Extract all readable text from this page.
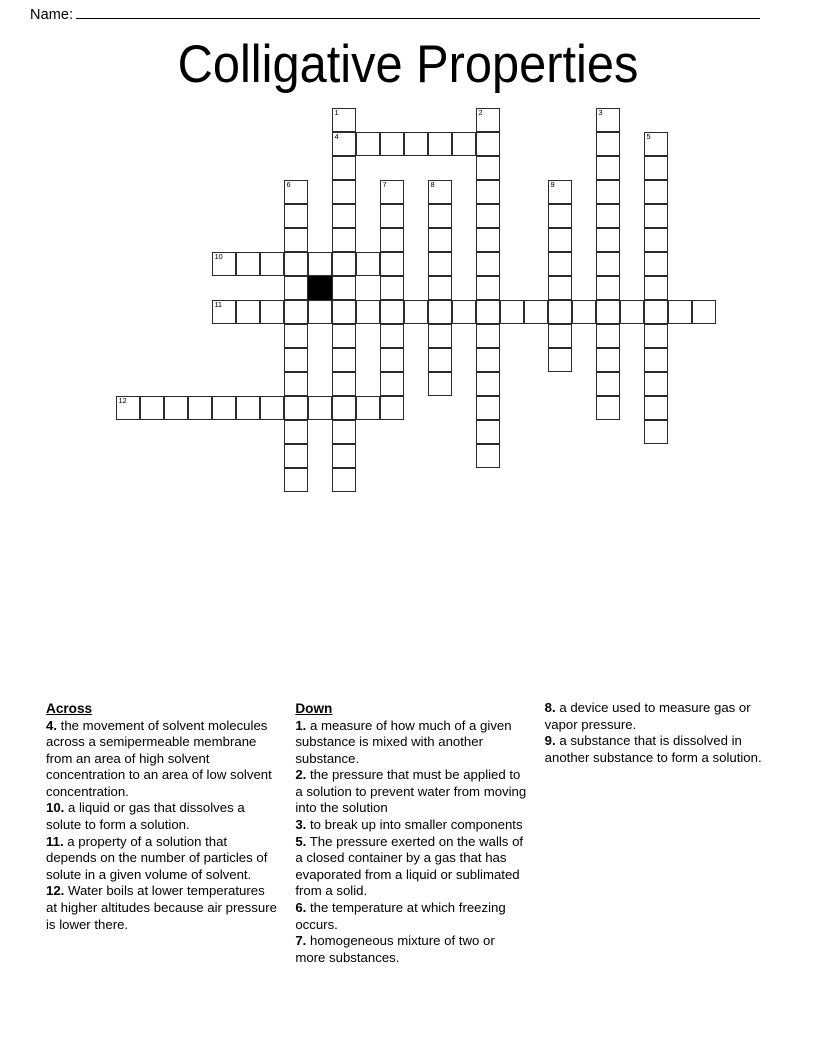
Name:
Colligative Properties
1
4
2	3
5
6	7	8	9
10
11
12
Across
4. the movement of solvent molecules across a semipermeable membrane from an area of high solvent concentration to an area of low solvent concentration.
10. a liquid or gas that dissolves a solute to form a solution.
11. a property of a solution that depends on the number of particles of solute in a given volume of solvent.
12. Water boils at lower temperatures at higher altitudes because air pressure is lower there.
Down
1. a measure of how much of a given substance is mixed with another substance.
2. the pressure that must be applied to a solution to prevent water from moving into the solution
3. to break up into smaller components
5. The pressure exerted on the walls of a closed container by a gas that has evaporated from a liquid or sublimated from a solid.
6. the temperature at which freezing occurs.
7. homogeneous mixture of two or more substances.
8. a device used to measure gas or vapor pressure.
9. a substance that is dissolved in another substance to form a solution.
